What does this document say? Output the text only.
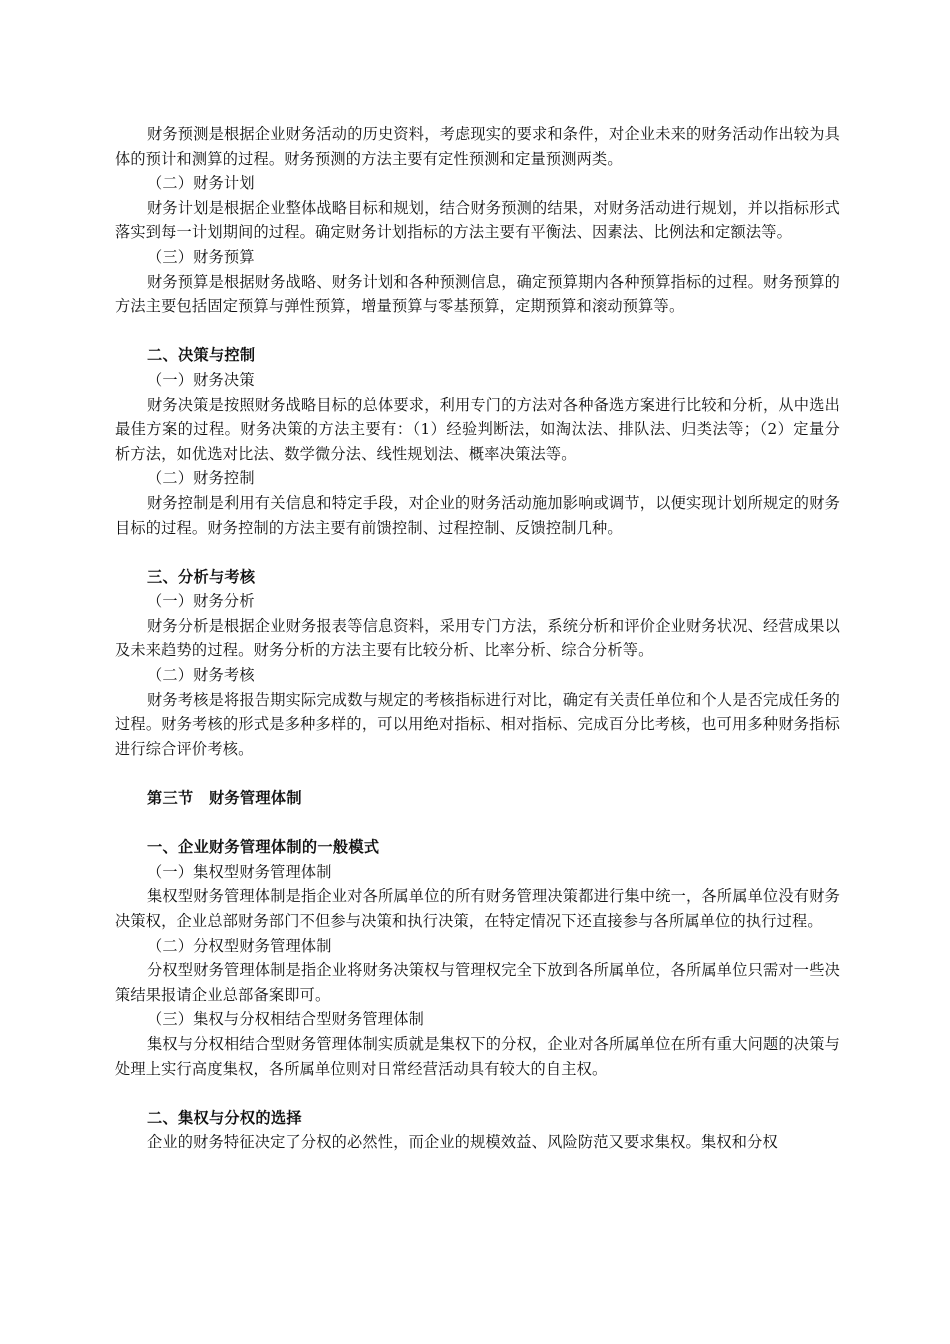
财务预测是根据企业财务活动的历史资料，考虑现实的要求和条件，对企业未来的财务活动作出较为具体的预计和测算的过程。财务预测的方法主要有定性预测和定量预测两类。

（二）财务计划

财务计划是根据企业整体战略目标和规划，结合财务预测的结果，对财务活动进行规划，并以指标形式落实到每一计划期间的过程。确定财务计划指标的方法主要有平衡法、因素法、比例法和定额法等。

（三）财务预算

财务预算是根据财务战略、财务计划和各种预测信息，确定预算期内各种预算指标的过程。财务预算的方法主要包括固定预算与弹性预算，增量预算与零基预算，定期预算和滚动预算等。

二、决策与控制

（一）财务决策

财务决策是按照财务战略目标的总体要求，利用专门的方法对各种备选方案进行比较和分析，从中选出最佳方案的过程。财务决策的方法主要有：（1）经验判断法，如淘汰法、排队法、归类法等；（2）定量分析方法，如优选对比法、数学微分法、线性规划法、概率决策法等。

（二）财务控制

财务控制是利用有关信息和特定手段，对企业的财务活动施加影响或调节，以便实现计划所规定的财务目标的过程。财务控制的方法主要有前馈控制、过程控制、反馈控制几种。

三、分析与考核

（一）财务分析

财务分析是根据企业财务报表等信息资料，采用专门方法，系统分析和评价企业财务状况、经营成果以及未来趋势的过程。财务分析的方法主要有比较分析、比率分析、综合分析等。

（二）财务考核

财务考核是将报告期实际完成数与规定的考核指标进行对比，确定有关责任单位和个人是否完成任务的过程。财务考核的形式是多种多样的，可以用绝对指标、相对指标、完成百分比考核，也可用多种财务指标进行综合评价考核。

第三节　财务管理体制

一、企业财务管理体制的一般模式

（一）集权型财务管理体制

集权型财务管理体制是指企业对各所属单位的所有财务管理决策都进行集中统一，各所属单位没有财务决策权，企业总部财务部门不但参与决策和执行决策，在特定情况下还直接参与各所属单位的执行过程。

（二）分权型财务管理体制

分权型财务管理体制是指企业将财务决策权与管理权完全下放到各所属单位，各所属单位只需对一些决策结果报请企业总部备案即可。

（三）集权与分权相结合型财务管理体制

集权与分权相结合型财务管理体制实质就是集权下的分权，企业对各所属单位在所有重大问题的决策与处理上实行高度集权，各所属单位则对日常经营活动具有较大的自主权。

二、集权与分权的选择

企业的财务特征决定了分权的必然性，而企业的规模效益、风险防范又要求集权。集权和分权
